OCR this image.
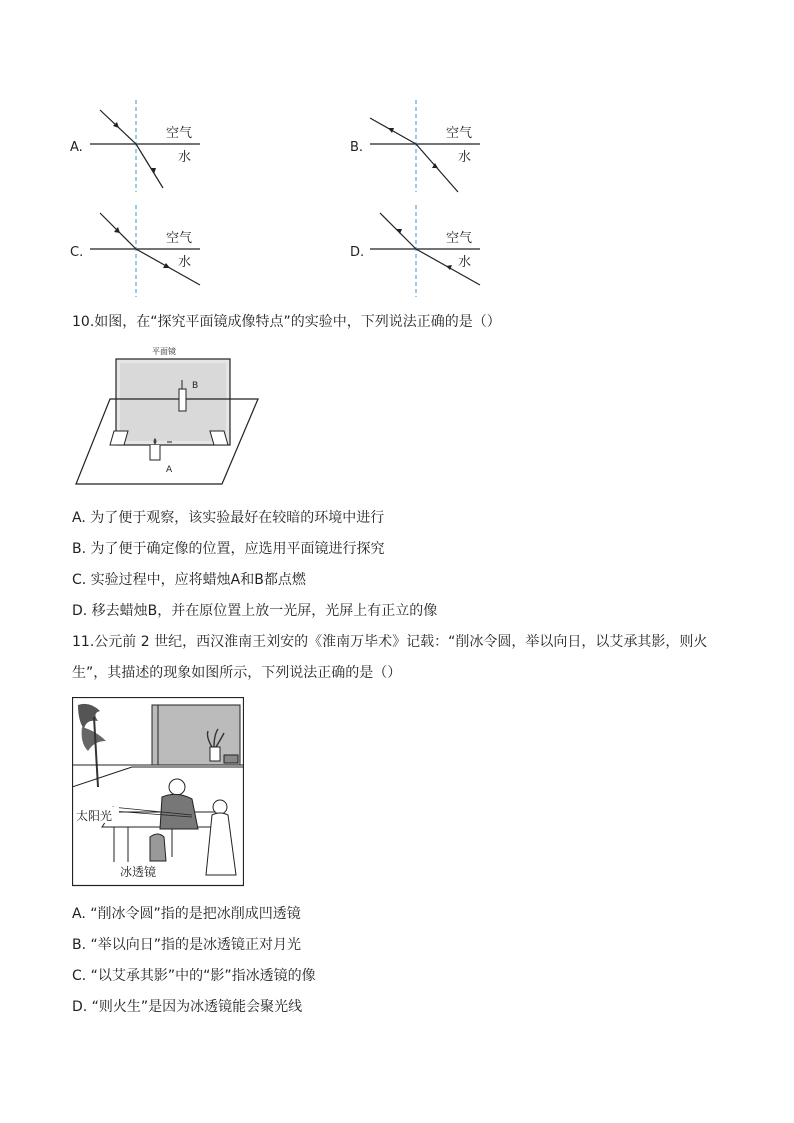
A.
空气
水
B.
空气
水
C.
空气
水
D.
空气
水
10.如图，在“探究平面镜成像特点”的实验中，下列说法正确的是（）
平面镜
B
A
A. 为了便于观察，该实验最好在较暗的环境中进行
B. 为了便于确定像的位置，应选用平面镜进行探究
C. 实验过程中，应将蜡烛A和B都点燃
D. 移去蜡烛B，并在原位置上放一光屏，光屏上有正立的像
11.公元前 2 世纪，西汉淮南王刘安的《淮南万毕术》记载：“削冰令圆，举以向日，以艾承其影，则火
生”，其描述的现象如图所示，下列说法正确的是（）
太阳光
冰透镜
A. “削冰令圆”指的是把冰削成凹透镜
B. “举以向日”指的是冰透镜正对月光
C. “以艾承其影”中的“影”指冰透镜的像
D. “则火生”是因为冰透镜能会聚光线
